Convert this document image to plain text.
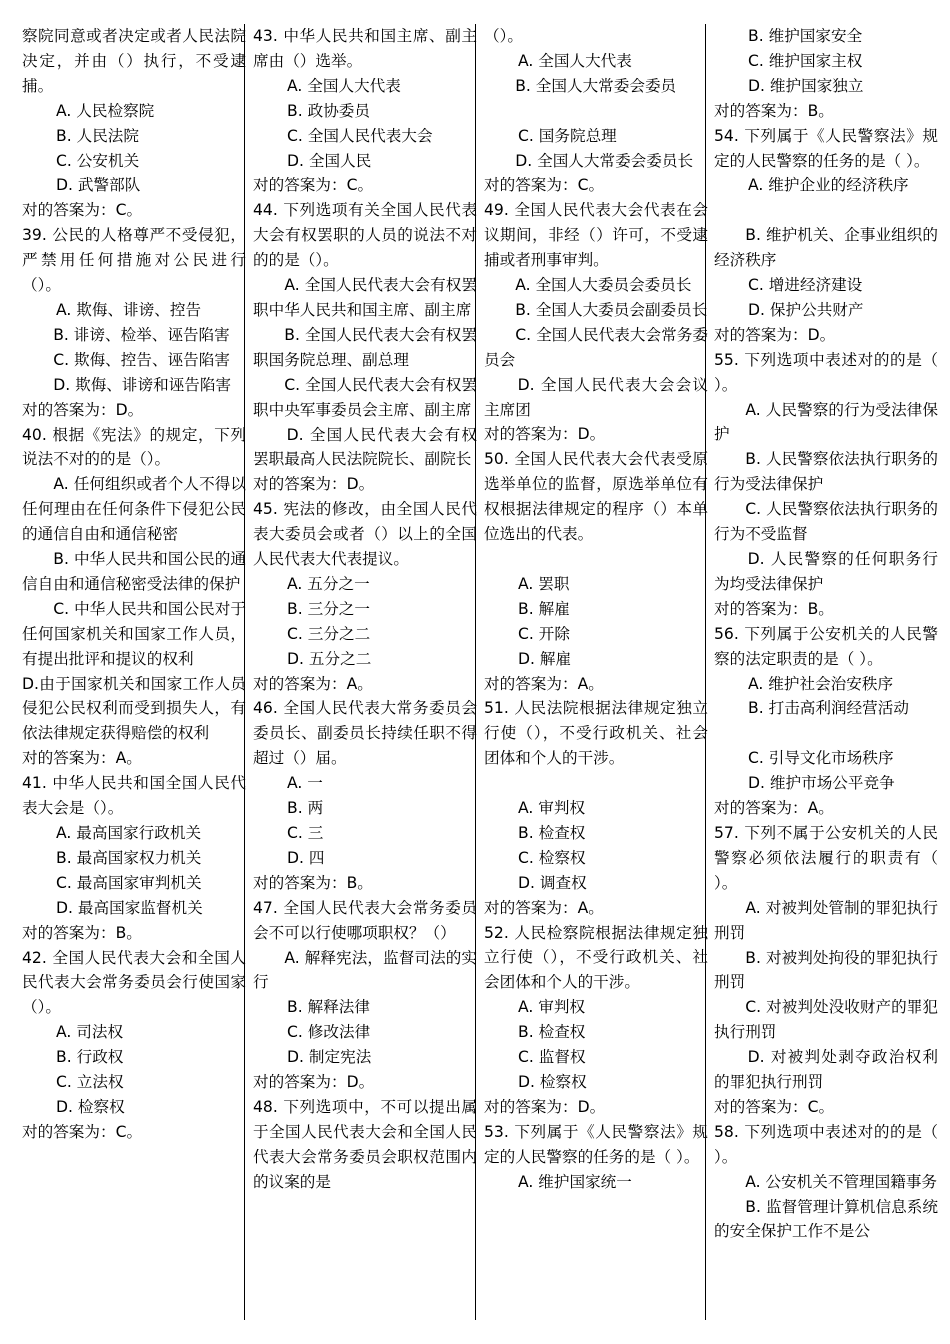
察院同意或者决定或者人民法院决定，并由（）执行，不受逮捕。
A. 人民检察院
B. 人民法院
C. 公安机关
D. 武警部队
对的答案为：C。
39. 公民的人格尊严不受侵犯，严禁用任何措施对公民进行（）。
A. 欺侮、诽谤、控告
　　B. 诽谤、检举、诬告陷害
　　C. 欺侮、控告、诬告陷害
　　D. 欺侮、诽谤和诬告陷害
对的答案为：D。
40. 根据《宪法》的规定，下列说法不对的的是（）。
　　A. 任何组织或者个人不得以任何理由在任何条件下侵犯公民的通信自由和通信秘密
　　B. 中华人民共和国公民的通信自由和通信秘密受法律的保护
　　C. 中华人民共和国公民对于任何国家机关和国家工作人员，有提出批评和提议的权利
D.由于国家机关和国家工作人员侵犯公民权利而受到损失人，有依法律规定获得赔偿的权利
对的答案为：A。
41. 中华人民共和国全国人民代表大会是（）。
A. 最高国家行政机关
B. 最高国家权力机关
C. 最高国家审判机关
D. 最高国家监督机关
对的答案为：B。
42. 全国人民代表大会和全国人民代表大会常务委员会行使国家（）。
A. 司法权
B. 行政权
C. 立法权
D. 检察权
对的答案为：C。
43. 中华人民共和国主席、副主席由（）选举。
A. 全国人大代表
B. 政协委员
C. 全国人民代表大会
D. 全国人民
对的答案为：C。
44. 下列选项有关全国人民代表大会有权罢职的人员的说法不对的的是（）。
　　A. 全国人民代表大会有权罢职中华人民共和国主席、副主席
　　B. 全国人民代表大会有权罢职国务院总理、副总理
　　C. 全国人民代表大会有权罢职中央军事委员会主席、副主席
　　D. 全国人民代表大会有权罢职最高人民法院院长、副院长
对的答案为：D。
45. 宪法的修改，由全国人民代表大委员会或者（）以上的全国人民代表大代表提议。
A. 五分之一
B. 三分之一
C. 三分之二
D. 五分之二
对的答案为：A。
46. 全国人民代表大常务委员会委员长、副委员长持续任职不得超过（）届。
A. 一
B. 两
C. 三
D. 四
对的答案为：B。
47. 全国人民代表大会常务委员会不可以行使哪项职权？（）
　　A. 解释宪法，监督司法的实行
B. 解释法律
C. 修改法律
D. 制定宪法
对的答案为：D。
48. 下列选项中，不可以提出属于全国人民代表大会和全国人民代表大会常务委员会职权范围内的议案的是
（）。
A. 全国人大代表
　　B. 全国人大常委会委员
C. 国务院总理
　　D. 全国人大常委会委员长
对的答案为：C。
49. 全国人民代表大会代表在会议期间，非经（）许可，不受逮捕或者刑事审判。
　　A. 全国人大委员会委员长
　　B. 全国人大委员会副委员长
　　C. 全国人民代表大会常务委员会
　　D. 全国人民代表大会会议主席团
对的答案为：D。
50. 全国人民代表大会代表受原选举单位的监督，原选举单位有权根据法律规定的程序（）本单位选出的代表。
A. 罢职
B. 解雇
C. 开除
D. 解雇
对的答案为：A。
51. 人民法院根据法律规定独立行使（），不受行政机关、社会团体和个人的干涉。
A. 审判权
B. 检查权
C. 检察权
D. 调查权
对的答案为：A。
52. 人民检察院根据法律规定独立行使（），不受行政机关、社会团体和个人的干涉。
A. 审判权
B. 检查权
C. 监督权
D. 检察权
对的答案为：D。
53. 下列属于《人民警察法》规定的人民警察的任务的是（ ）。
A. 维护国家统一
B. 维护国家安全
C. 维护国家主权
D. 维护国家独立
对的答案为：B。
54. 下列属于《人民警察法》规定的人民警察的任务的是（ ）。
A. 维护企业的经济秩序
　　B. 维护机关、企事业组织的经济秩序
C. 增进经济建设
D. 保护公共财产
对的答案为：D。
55. 下列选项中表述对的的是（ ）。
　　A. 人民警察的行为受法律保护
　　B. 人民警察依法执行职务的行为受法律保护
　　C. 人民警察依法执行职务的行为不受监督
　　D. 人民警察的任何职务行为均受法律保护
对的答案为：B。
56. 下列属于公安机关的人民警察的法定职责的是（ ）。
A. 维护社会治安秩序
B. 打击高利润经营活动
C. 引导文化市场秩序
D. 维护市场公平竞争
对的答案为：A。
57. 下列不属于公安机关的人民警察必须依法履行的职责有（ ）。
　　A. 对被判处管制的罪犯执行刑罚
　　B. 对被判处拘役的罪犯执行刑罚
　　C. 对被判处没收财产的罪犯执行刑罚
　　D. 对被判处剥夺政治权利的罪犯执行刑罚
对的答案为：C。
58. 下列选项中表述对的的是（ ）。
　　A. 公安机关不管理国籍事务
　　B. 监督管理计算机信息系统的安全保护工作不是公
